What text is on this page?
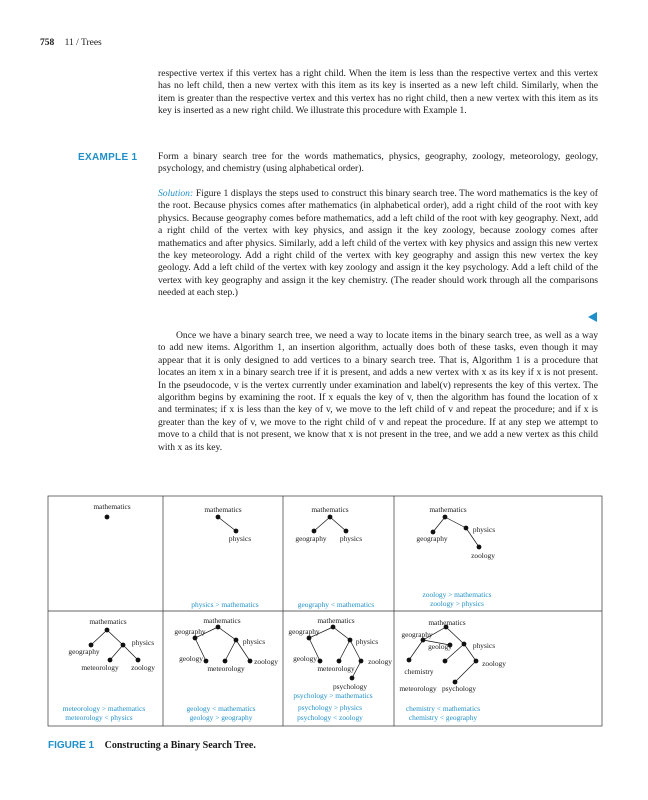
758 11 / Trees

respective vertex if this vertex has a right child. When the item is less than the respective vertex and this vertex has no left child, then a new vertex with this item as its key is inserted as a new left child. Similarly, when the item is greater than the respective vertex and this vertex has no right child, then a new vertex with this item as its key is inserted as a new right child. We illustrate this procedure with Example 1.

EXAMPLE 1 Form a binary search tree for the words mathematics, physics, geography, zoology, meteorology, geology, psychology, and chemistry (using alphabetical order).

Solution: Figure 1 displays the steps used to construct this binary search tree. The word mathematics is the key of the root. Because physics comes after mathematics (in alphabetical order), add a right child of the root with key physics. Because geography comes before mathematics, add a left child of the root with key geography. Next, add a right child of the vertex with key physics, and assign it the key zoology, because zoology comes after mathematics and after physics. Similarly, add a left child of the vertex with key physics and assign this new vertex the key meteorology. Add a right child of the vertex with key geography and assign this new vertex the key geology. Add a left child of the vertex with key zoology and assign it the key psychology. Add a left child of the vertex with key geography and assign it the key chemistry. (The reader should work through all the comparisons needed at each step.)

Once we have a binary search tree, we need a way to locate items in the binary search tree, as well as a way to add new items. Algorithm 1, an insertion algorithm, actually does both of these tasks, even though it may appear that it is only designed to add vertices to a binary search tree. That is, Algorithm 1 is a procedure that locates an item x in a binary search tree if it is present, and adds a new vertex with x as its key if x is not present. In the pseudocode, v is the vertex currently under examination and label(v) represents the key of this vertex. The algorithm begins by examining the root. If x equals the key of v, then the algorithm has found the location of x and terminates; if x is less than the key of v, we move to the left child of v and repeat the procedure; and if x is greater than the key of v, we move to the right child of v and repeat the procedure. If at any step we attempt to move to a child that is not present, we know that x is not present in the tree, and we add a new vertex as this child with x as its key.

mathematics	mathematics
physics
physics > mathematics
mathematics
geography physics
geography < mathematics
mathematics
physics
geography
zoology
zoology > mathematics
zoology > physics
mathematics
physics
geography
meteorology zoology
meteorology > mathematics
meteorology < physics
mathematics
geography
physics
geology	zoology
meteorology
geology < mathematics
geology > geography
mathematics
geography
physics
geology	zoology
meteorology
psychology
psychology > mathematics
psychology > physics
psychology < zoology
mathematics
geography
geology	physics
zoology
chemistry
meteorology psychology
chemistry < mathematics
chemistry < geography
FIGURE 1 Constructing a Binary Search Tree.
